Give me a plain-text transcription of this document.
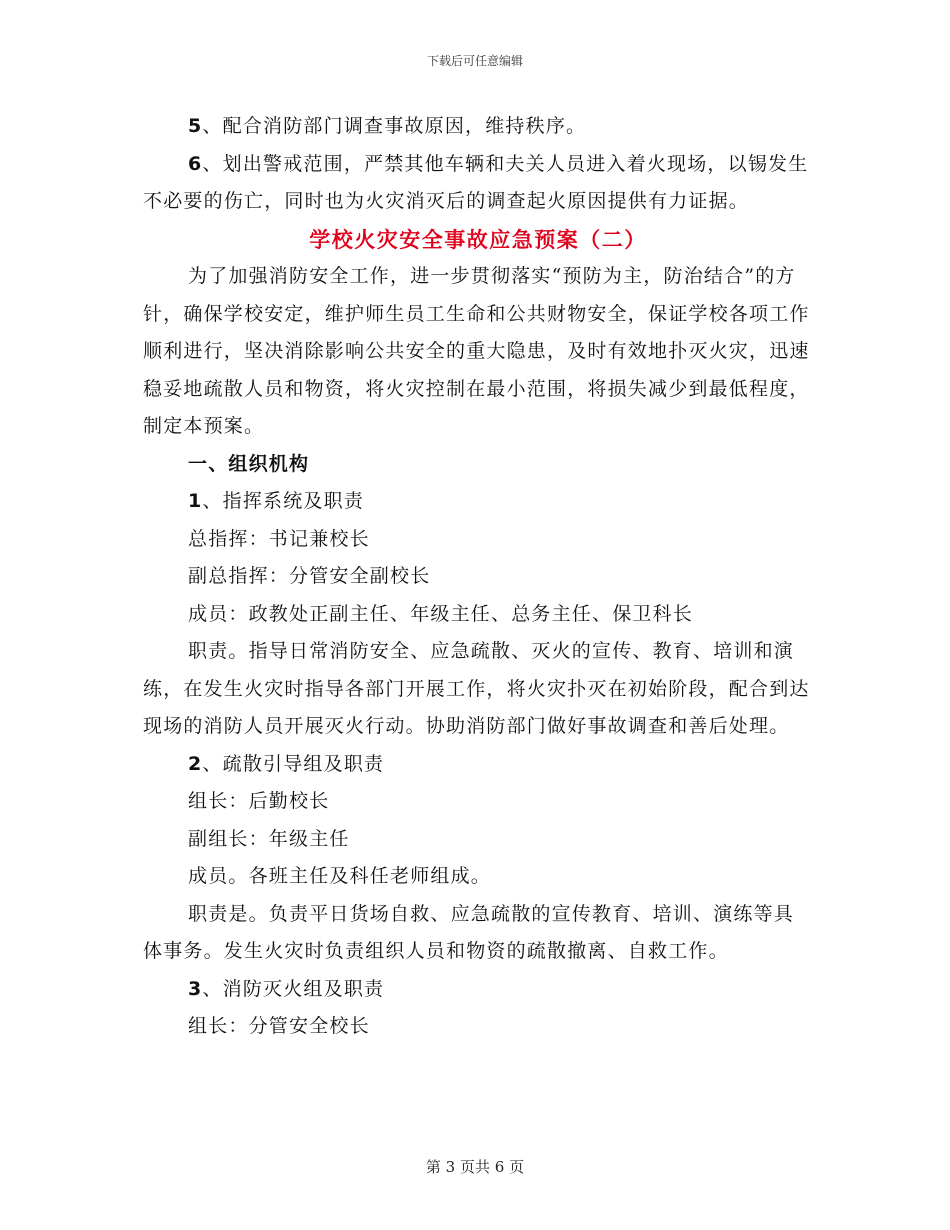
下载后可任意编辑

5、配合消防部门调查事故原因，维持秩序。

6、划出警戒范围，严禁其他车辆和夫关人员进入着火现场，以锡发生不必要的伤亡，同时也为火灾消灭后的调查起火原因提供有力证据。

学校火灾安全事故应急预案（二）

为了加强消防安全工作，进一步贯彻落实“预防为主，防治结合”的方针，确保学校安定，维护师生员工生命和公共财物安全，保证学校各项工作顺利进行，坚决消除影响公共安全的重大隐患，及时有效地扑灭火灾，迅速稳妥地疏散人员和物资，将火灾控制在最小范围，将损失减少到最低程度，制定本预案。

一、组织机构

1、指挥系统及职责

总指挥：书记兼校长

副总指挥：分管安全副校长

成员：政教处正副主任、年级主任、总务主任、保卫科长

职责。指导日常消防安全、应急疏散、灭火的宣传、教育、培训和演练，在发生火灾时指导各部门开展工作，将火灾扑灭在初始阶段，配合到达现场的消防人员开展灭火行动。协助消防部门做好事故调查和善后处理。

2、疏散引导组及职责

组长：后勤校长

副组长：年级主任

成员。各班主任及科任老师组成。

职责是。负责平日货场自救、应急疏散的宣传教育、培训、演练等具体事务。发生火灾时负责组织人员和物资的疏散撤离、自救工作。

3、消防灭火组及职责

组长：分管安全校长

第 3 页共 6 页
